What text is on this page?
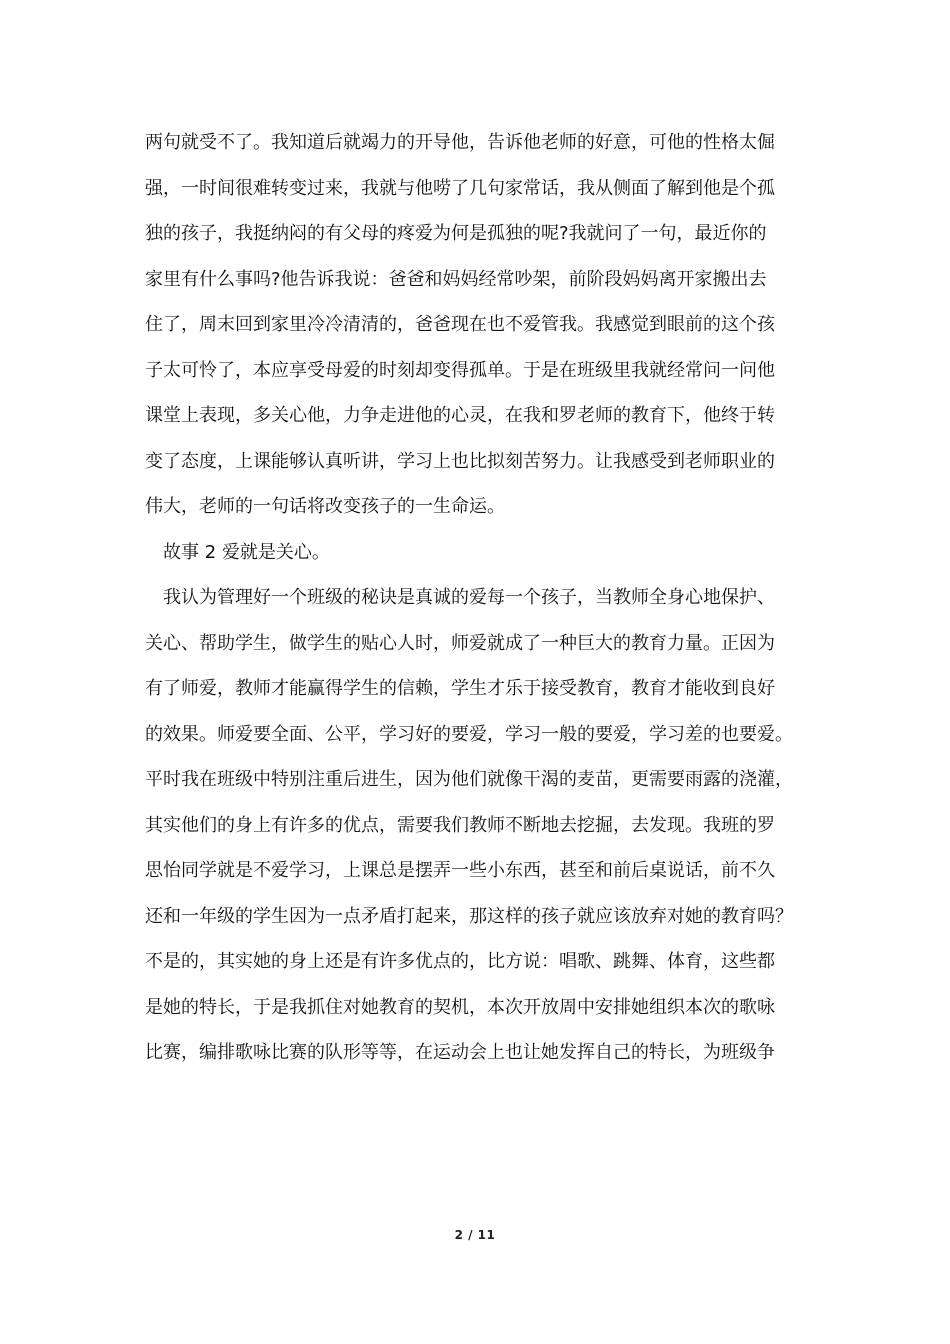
两句就受不了。我知道后就竭力的开导他，告诉他老师的好意，可他的性格太倔
强，一时间很难转变过来，我就与他唠了几句家常话，我从侧面了解到他是个孤
独的孩子，我挺纳闷的有父母的疼爱为何是孤独的呢?我就问了一句，最近你的
家里有什么事吗?他告诉我说：爸爸和妈妈经常吵架，前阶段妈妈离开家搬出去
住了，周末回到家里冷冷清清的，爸爸现在也不爱管我。我感觉到眼前的这个孩
子太可怜了，本应享受母爱的时刻却变得孤单。于是在班级里我就经常问一问他
课堂上表现，多关心他，力争走进他的心灵，在我和罗老师的教育下，他终于转
变了态度，上课能够认真听讲，学习上也比拟刻苦努力。让我感受到老师职业的
伟大，老师的一句话将改变孩子的一生命运。
故事 2 爱就是关心。
我认为管理好一个班级的秘诀是真诚的爱每一个孩子，当教师全身心地保护、
关心、帮助学生，做学生的贴心人时，师爱就成了一种巨大的教育力量。正因为
有了师爱，教师才能赢得学生的信赖，学生才乐于接受教育，教育才能收到良好
的效果。师爱要全面、公平，学习好的要爱，学习一般的要爱，学习差的也要爱。
平时我在班级中特别注重后进生，因为他们就像干渴的麦苗，更需要雨露的浇灌，
其实他们的身上有许多的优点，需要我们教师不断地去挖掘，去发现。我班的罗
思怡同学就是不爱学习，上课总是摆弄一些小东西，甚至和前后桌说话，前不久
还和一年级的学生因为一点矛盾打起来，那这样的孩子就应该放弃对她的教育吗？
不是的，其实她的身上还是有许多优点的，比方说：唱歌、跳舞、体育，这些都
是她的特长，于是我抓住对她教育的契机，本次开放周中安排她组织本次的歌咏
比赛，编排歌咏比赛的队形等等，在运动会上也让她发挥自己的特长，为班级争
2 / 11
